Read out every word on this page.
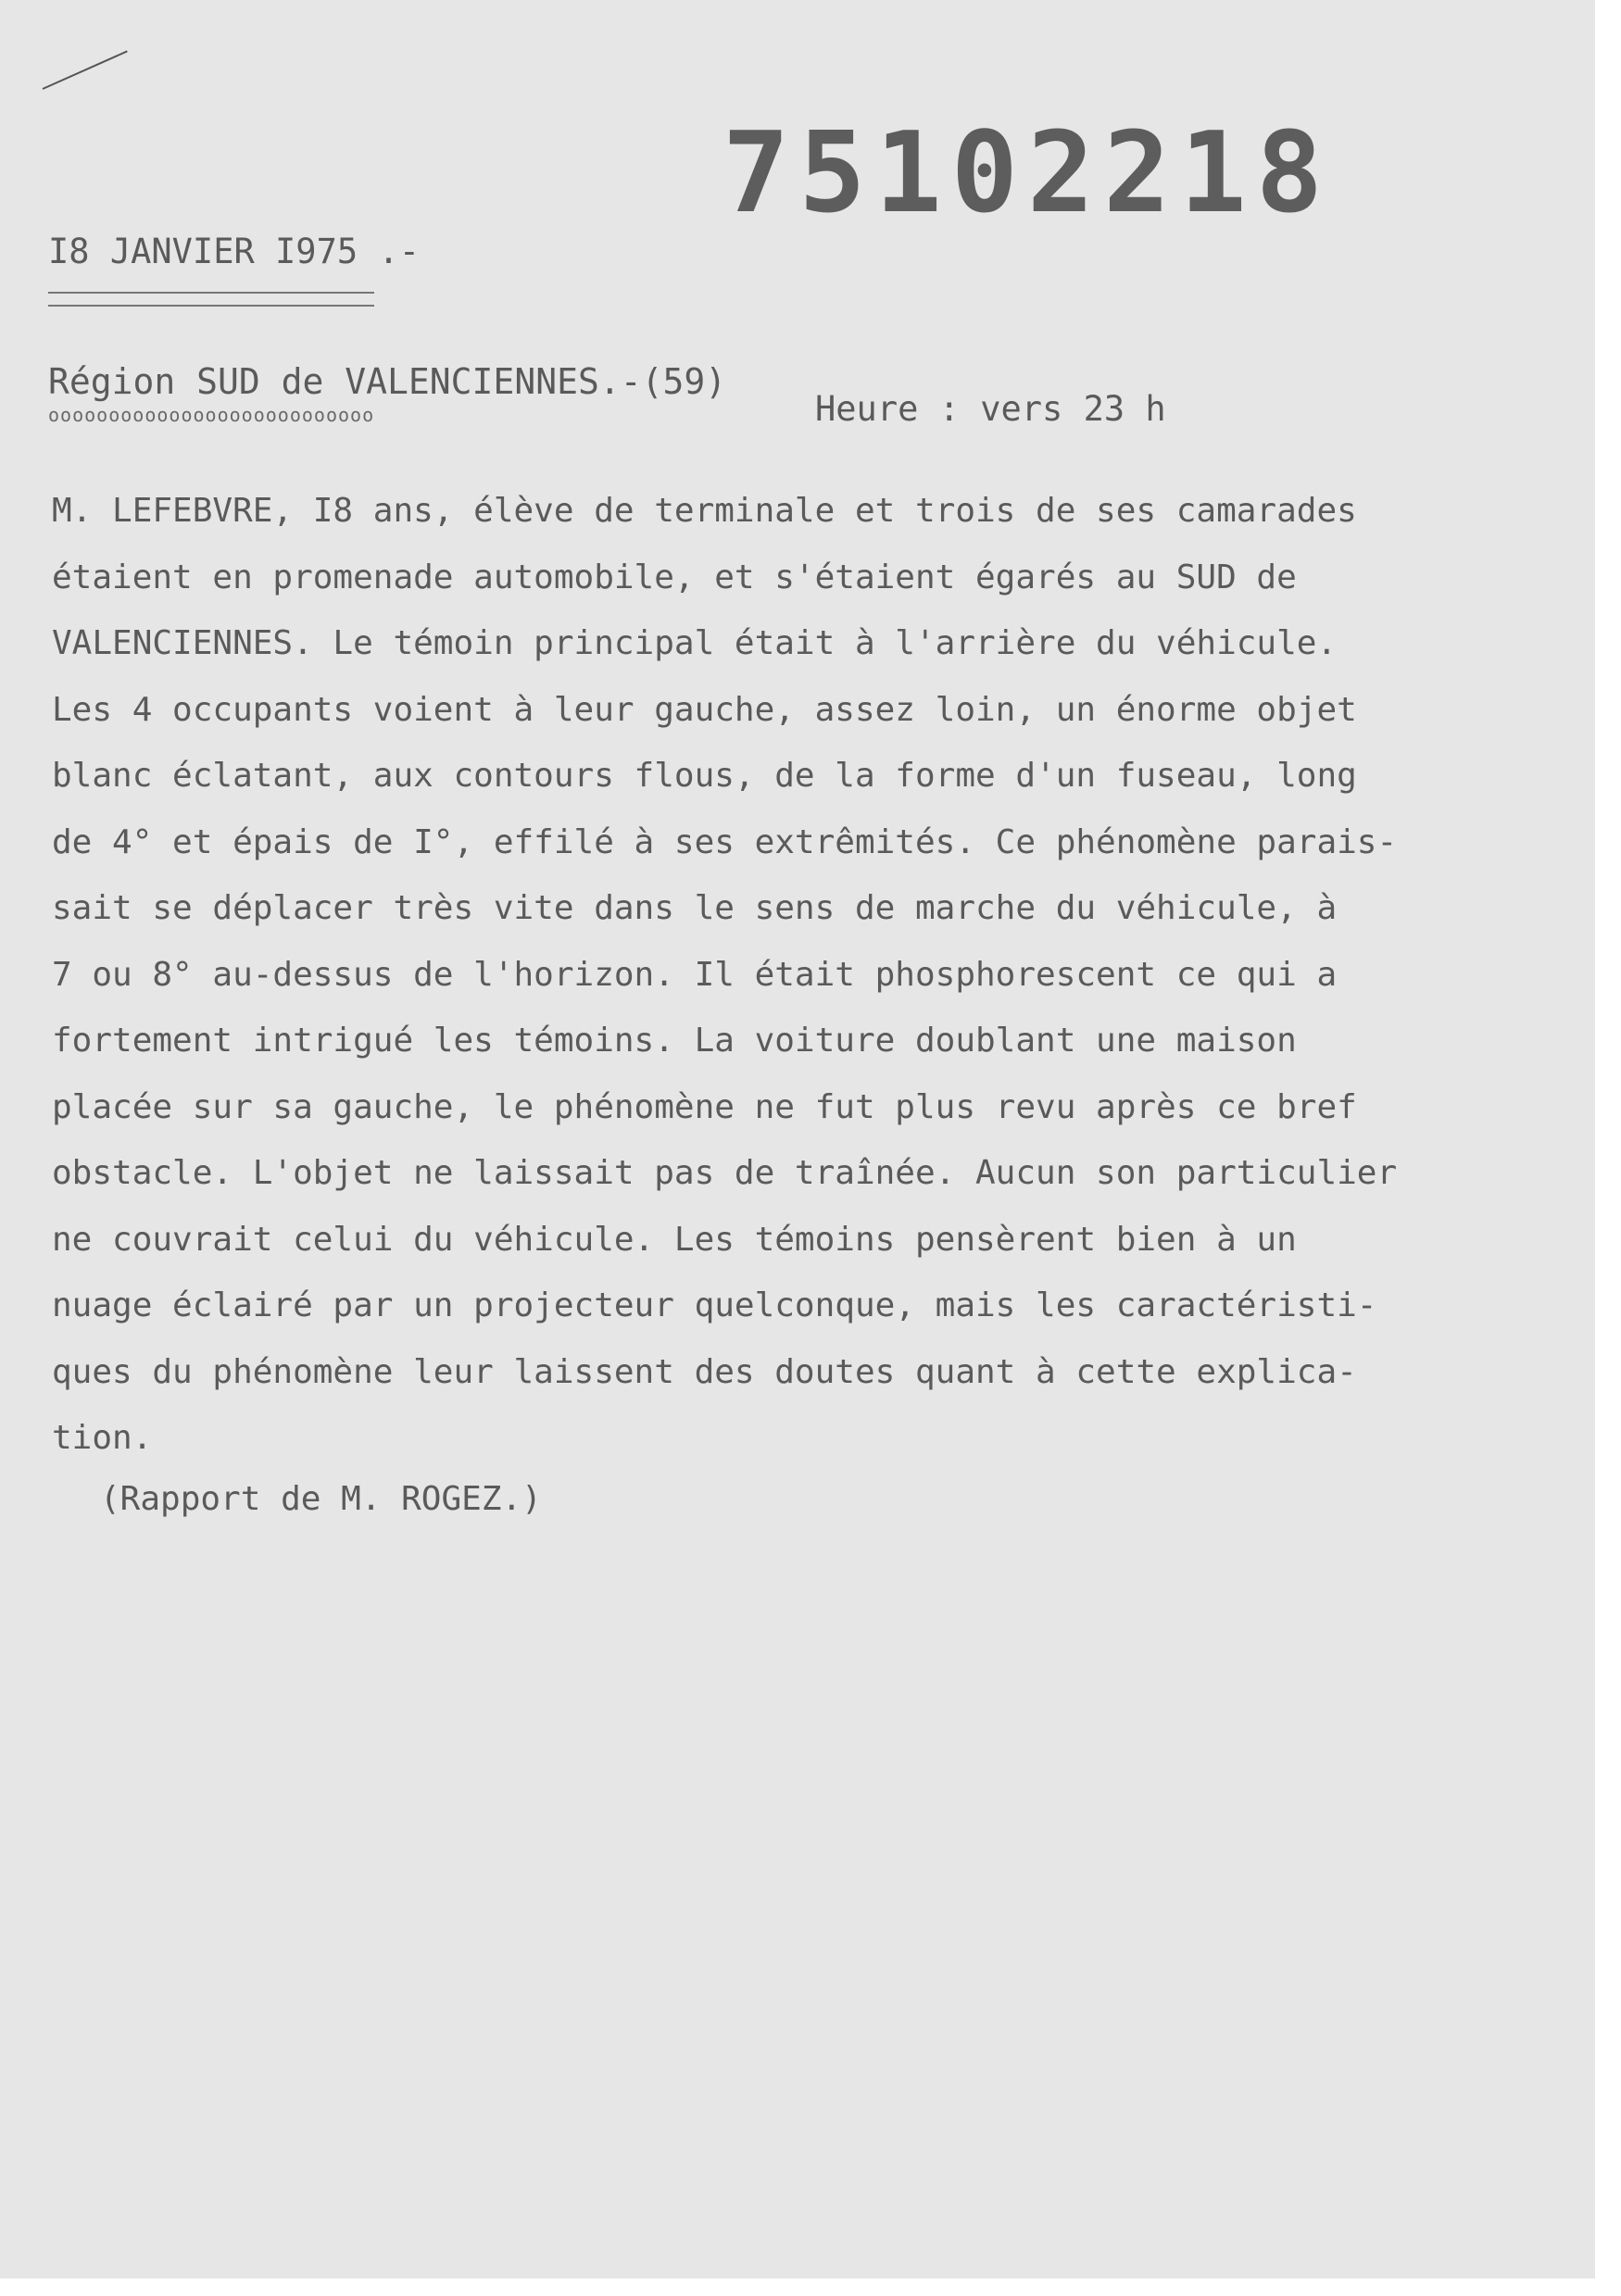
75102218
I8 JANVIER I975 .-
Région SUD de VALENCIENNES.-(59)
ooooooooooooooooooooooooooo	Heure : vers 23 h
M. LEFEBVRE, I8 ans, élève de terminale et trois de ses camarades
étaient en promenade automobile, et s'étaient égarés au SUD de
VALENCIENNES. Le témoin principal était à l'arrière du véhicule.
Les 4 occupants voient à leur gauche, assez loin, un énorme objet
blanc éclatant, aux contours flous, de la forme d'un fuseau, long
de 4° et épais de I°, effilé à ses extrêmités. Ce phénomène parais-
sait se déplacer très vite dans le sens de marche du véhicule, à
7 ou 8° au-dessus de l'horizon. Il était phosphorescent ce qui a
fortement intrigué les témoins. La voiture doublant une maison
placée sur sa gauche, le phénomène ne fut plus revu après ce bref
obstacle. L'objet ne laissait pas de traînée. Aucun son particulier
ne couvrait celui du véhicule. Les témoins pensèrent bien à un
nuage éclairé par un projecteur quelconque, mais les caractéristi-
ques du phénomène leur laissent des doutes quant à cette explica-
tion.
(Rapport de M. ROGEZ.)
